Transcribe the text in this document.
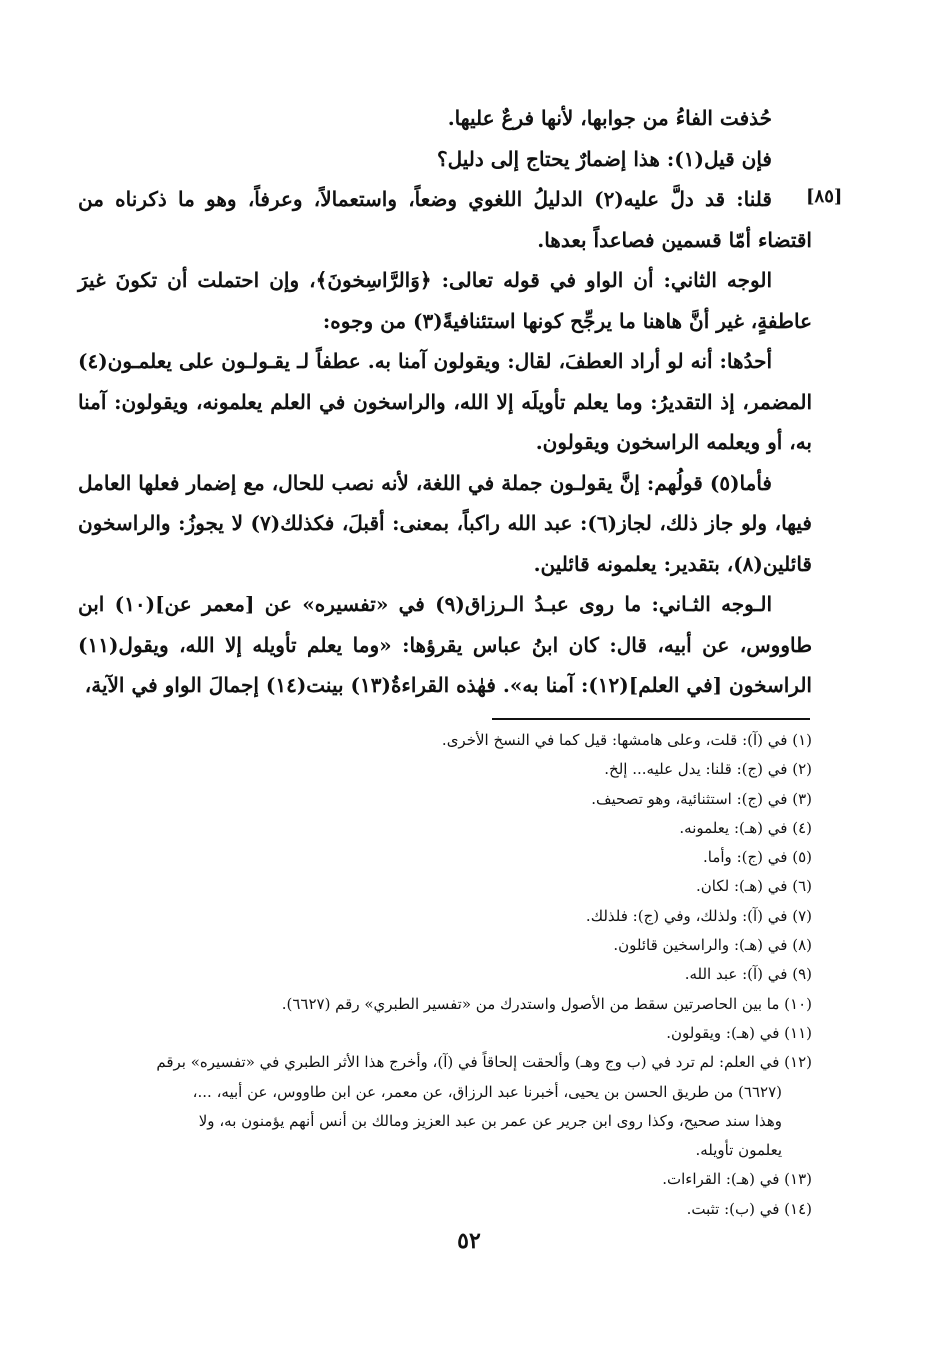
[٨٥]

حُذفت الفاءُ من جوابها، لأنها فرعٌ عليها.

فإن قيل(١): هذا إضمارٌ يحتاج إلى دليل؟

قلنا: قد دلَّ عليه(٢) الدليلُ اللغوي وضعاً، واستعمالاً، وعرفاً، وهو ما ذكرناه من اقتضاء أمّا قسمين فصاعداً بعدها.

الوجه الثاني: أن الواو في قوله تعالى: ﴿وَالرَّاسِخونَ﴾، وإن احتملت أن تكونَ غيرَ عاطفةٍ، غير أنَّ هاهنا ما يرجِّح كونها استئنافيةً(٣) من وجوه:

أحدُها: أنه لو أراد العطفَ، لقال: ويقولون آمنا به. عطفاً لـ يقـولـون على يعلمـون(٤) المضمر، إذ التقديرُ: وما يعلم تأويلَه إلا الله، والراسخون في العلم يعلمونه، ويقولون: آمنا به، أو ويعلمه الراسخون ويقولون.

فأما(٥) قولُهم: إنَّ يقولـون جملة في اللغة، لأنه نصب للحال، مع إضمار فعلها العامل فيها، ولو جاز ذلك، لجاز(٦): عبد الله راكباً، بمعنى: أقبلَ، فكذلك(٧) لا يجوزُ: والراسخون قائلين(٨)، بتقدير: يعلمونه قائلين.

الـوجه الثـاني: ما روى عبـدُ الـرزاق(٩) في «تفسيره» عن [معمر عن](١٠) ابن طاووس، عن أبيه، قال: كان ابنُ عباس يقرؤها: «وما يعلم تأويله إلا الله، ويقول(١١) الراسخون [في العلم](١٢): آمنا به». فهٰذه القراءةُ(١٣) بينت(١٤) إجمالَ الواو في الآية،

(١) في (آ): قلت، وعلى هامشها: قيل كما في النسخ الأخرى.

(٢) في (ج): قلنا: يدل عليه... إلخ.

(٣) في (ج): استثنائية، وهو تصحيف.

(٤) في (هـ): يعلمونه.

(٥) في (ج): وأما.

(٦) في (هـ): لكان.

(٧) في (آ): ولذلك، وفي (ج): فلذلك.

(٨) في (هـ): والراسخين قائلون.

(٩) في (آ): عبد الله.

(١٠) ما بين الحاصرتين سقط من الأصول واستدرك من «تفسير الطبري» رقم (٦٦٢٧).

(١١) في (هـ): ويقولون.

(١٢) في العلم: لم ترد في (ب وج وهـ) وألحقت إلحاقاً في (آ)، وأخرج هذا الأثر الطبري في «تفسيره» برقم

(٦٦٢٧) من طريق الحسن بن يحيى، أخبرنا عبد الرزاق، عن معمر، عن ابن طاووس، عن أبيه، ...،

وهذا سند صحيح، وكذا روى ابن جرير عن عمر بن عبد العزيز ومالك بن أنس أنهم يؤمنون به، ولا

يعلمون تأويله.

(١٣) في (هـ): القراءات.

(١٤) في (ب): تثبت.

٥٢
